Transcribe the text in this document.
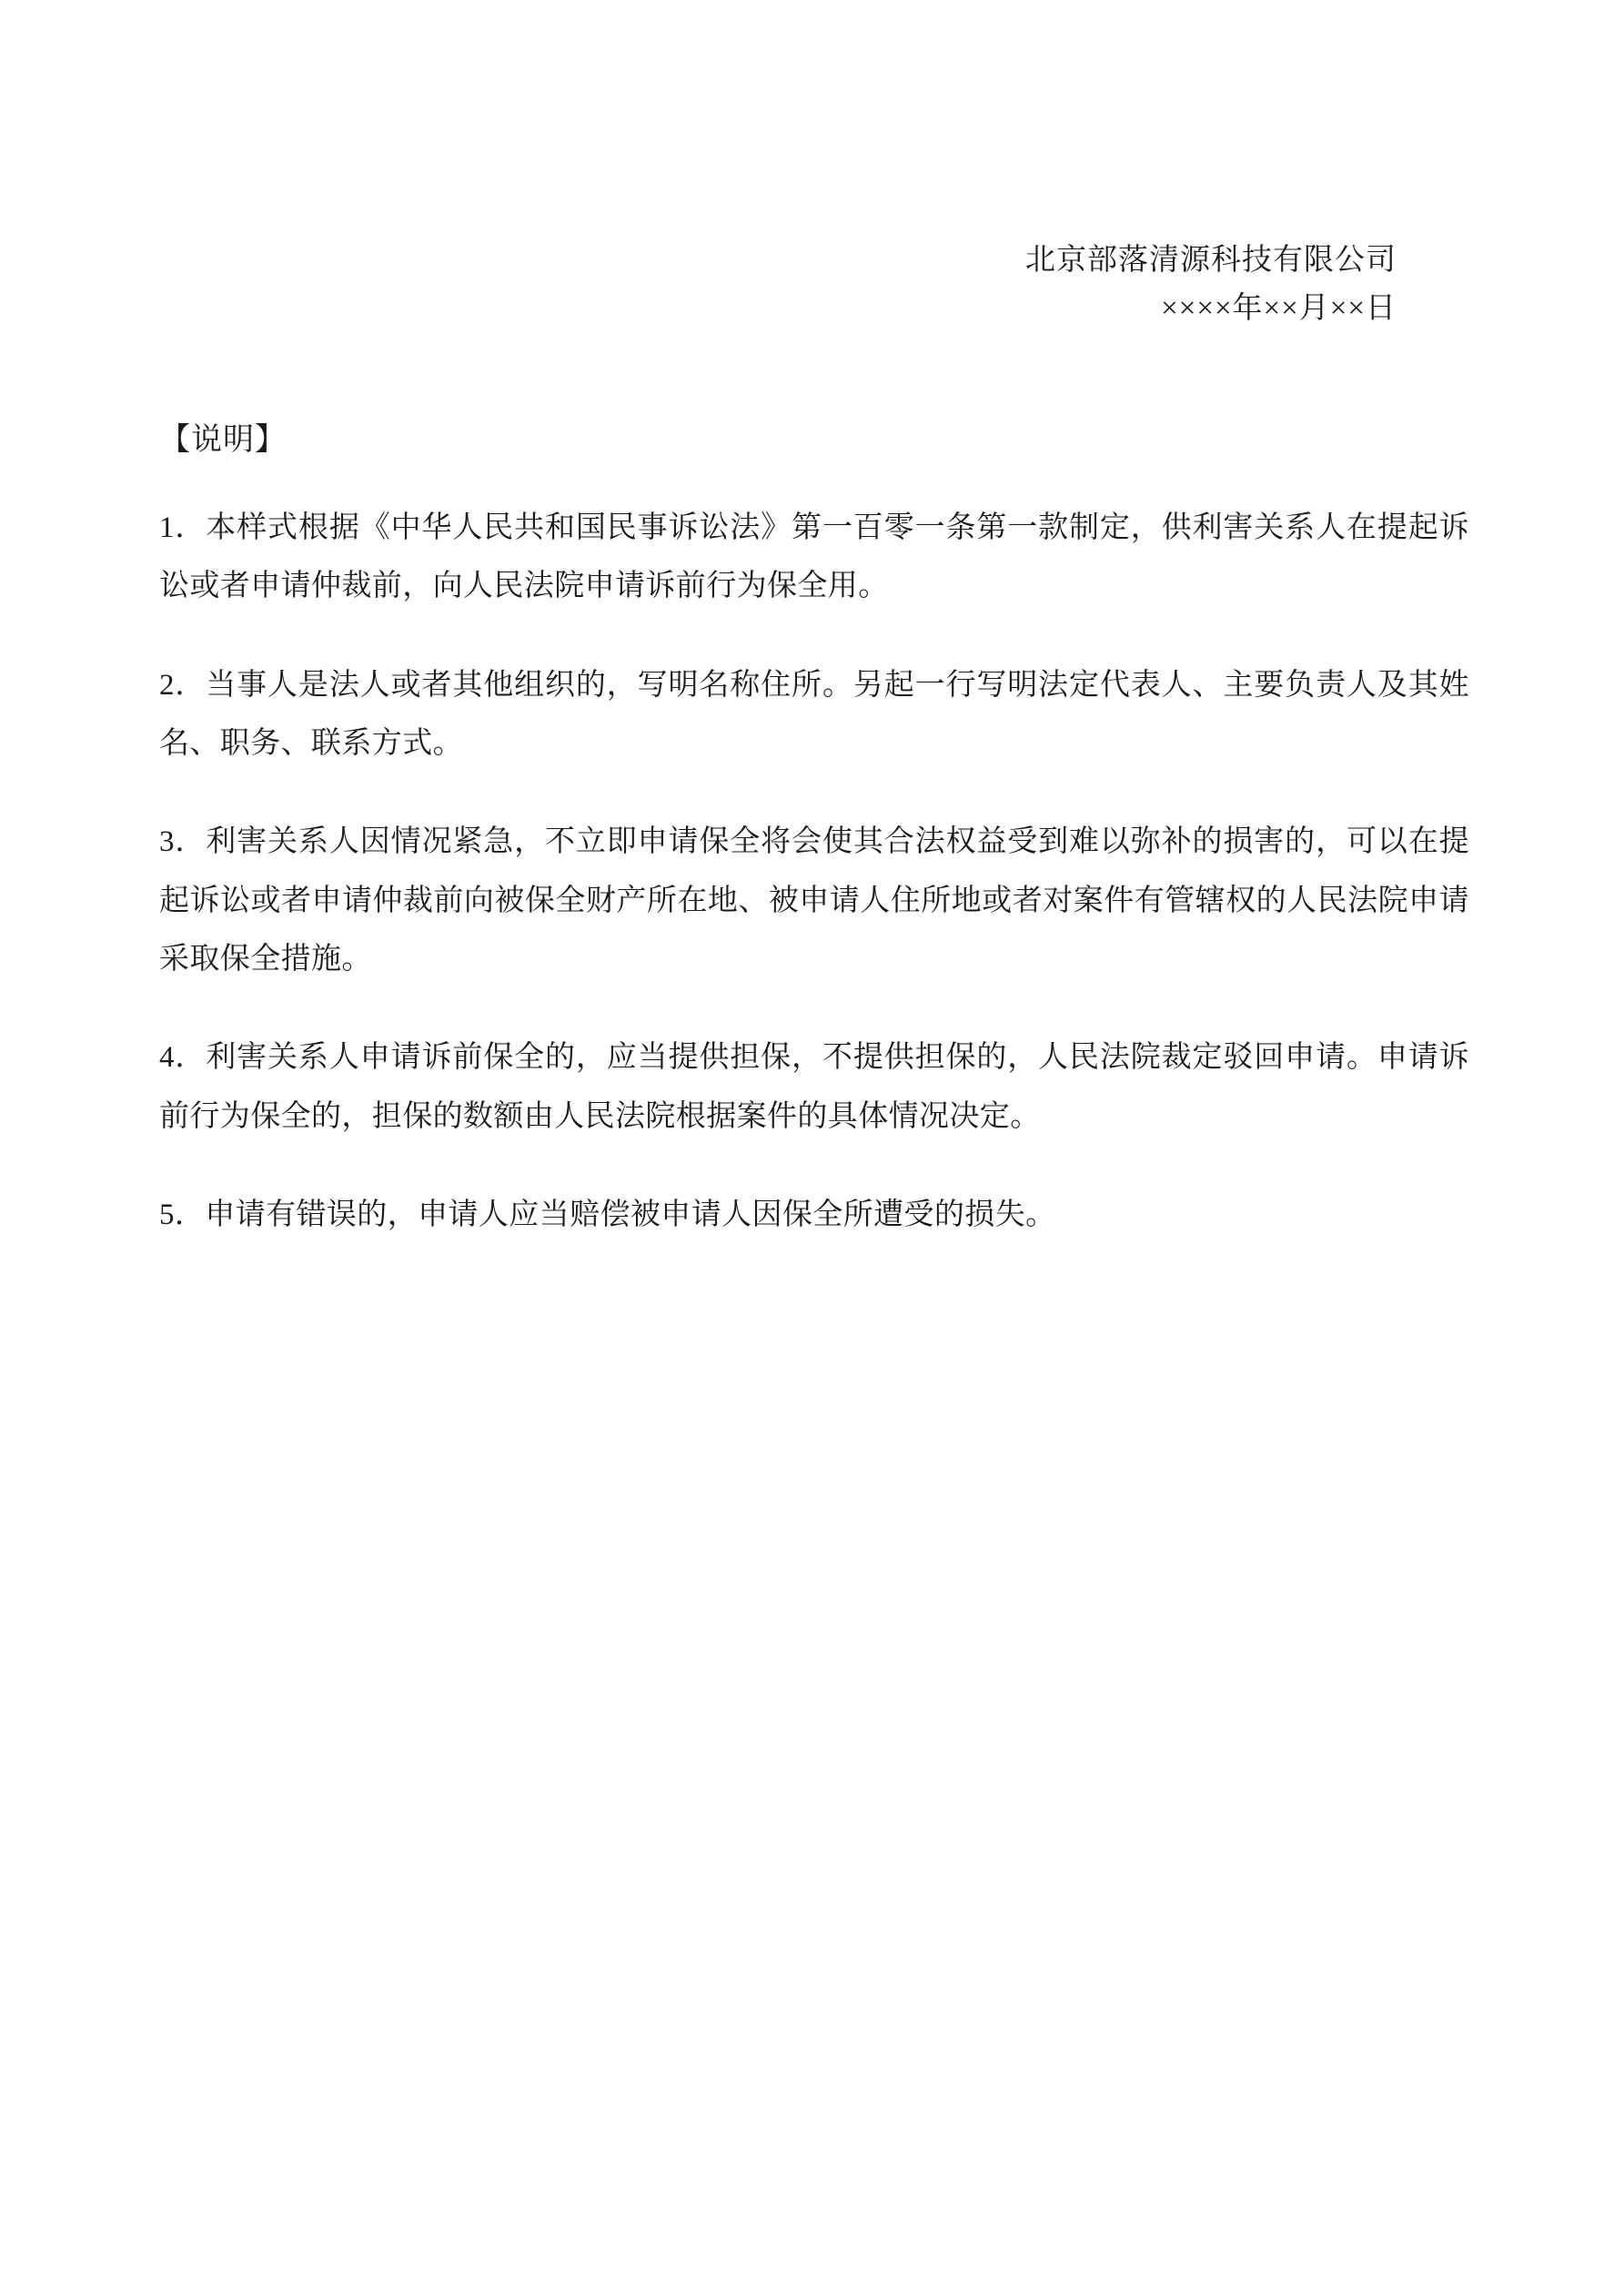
北京部落清源科技有限公司
××××年××月××日
【说明】
1．本样式根据《中华人民共和国民事诉讼法》第一百零一条第一款制定，供利害关系人在提起诉讼或者申请仲裁前，向人民法院申请诉前行为保全用。
2．当事人是法人或者其他组织的，写明名称住所。另起一行写明法定代表人、主要负责人及其姓名、职务、联系方式。
3．利害关系人因情况紧急，不立即申请保全将会使其合法权益受到难以弥补的损害的，可以在提起诉讼或者申请仲裁前向被保全财产所在地、被申请人住所地或者对案件有管辖权的人民法院申请采取保全措施。
4．利害关系人申请诉前保全的，应当提供担保，不提供担保的，人民法院裁定驳回申请。申请诉前行为保全的，担保的数额由人民法院根据案件的具体情况决定。
5．申请有错误的，申请人应当赔偿被申请人因保全所遭受的损失。
